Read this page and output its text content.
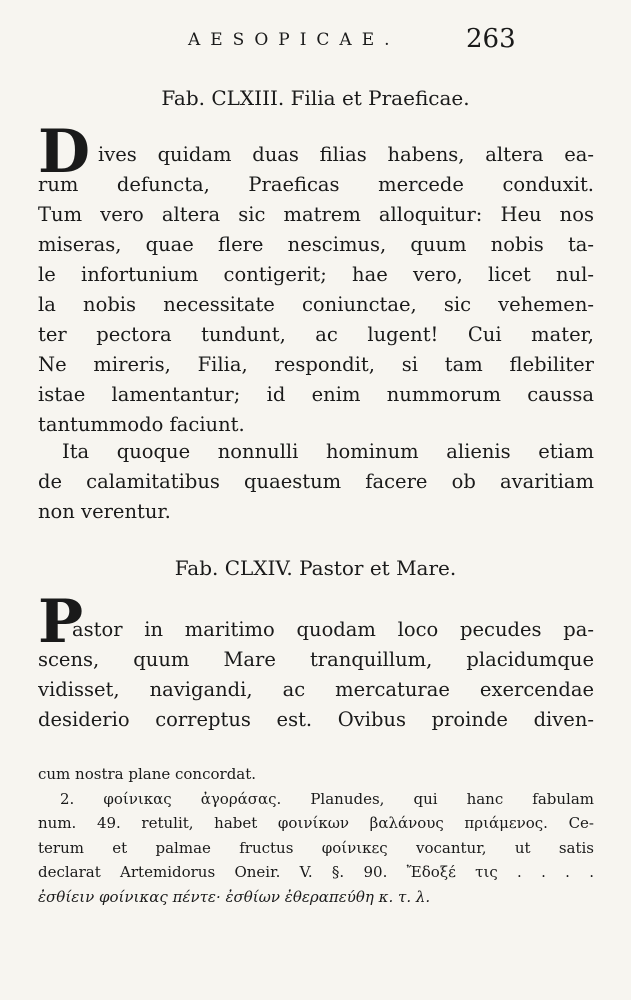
AESOPICAE.	263
Fab. CLXIII. Filia et Praeficae.
D ives quidam duas filias habens, altera ea-
rum defuncta, Praeficas mercede conduxit.
Tum vero altera sic matrem alloquitur: Heu nos
miseras, quae flere nescimus, quum nobis ta-
le infortunium contigerit; hae vero, licet nul-
la nobis necessitate coniunctae, sic vehemen-
ter pectora tundunt, ac lugent! Cui mater,
Ne mireris, Filia, respondit, si tam flebiliter
istae lamentantur; id enim nummorum caussa
tantummodo faciunt.
Ita quoque nonnulli hominum alienis etiam
de calamitatibus quaestum facere ob avaritiam
non verentur.
Fab. CLXIV. Pastor et Mare.
P
astor in maritimo quodam loco pecudes pa-
scens, quum Mare tranquillum, placidumque
vidisset, navigandi, ac mercaturae exercendae
desiderio correptus est. Ovibus proinde diven-
cum nostra plane concordat.
2. φοίνικας ἀγοράσας. Planudes, qui hanc fabulam
num. 49. retulit, habet φοινίκων βαλάνους πριάμενος. Ce-
terum et palmae fructus φοίνικες vocantur, ut satis
declarat Artemidorus Oneir. V. §. 90. Ἔδοξέ τις . . . .
ἐσθίειν φοίνικας πέντε· ἐσθίων ἐθεραπεύθη κ. τ. λ.
